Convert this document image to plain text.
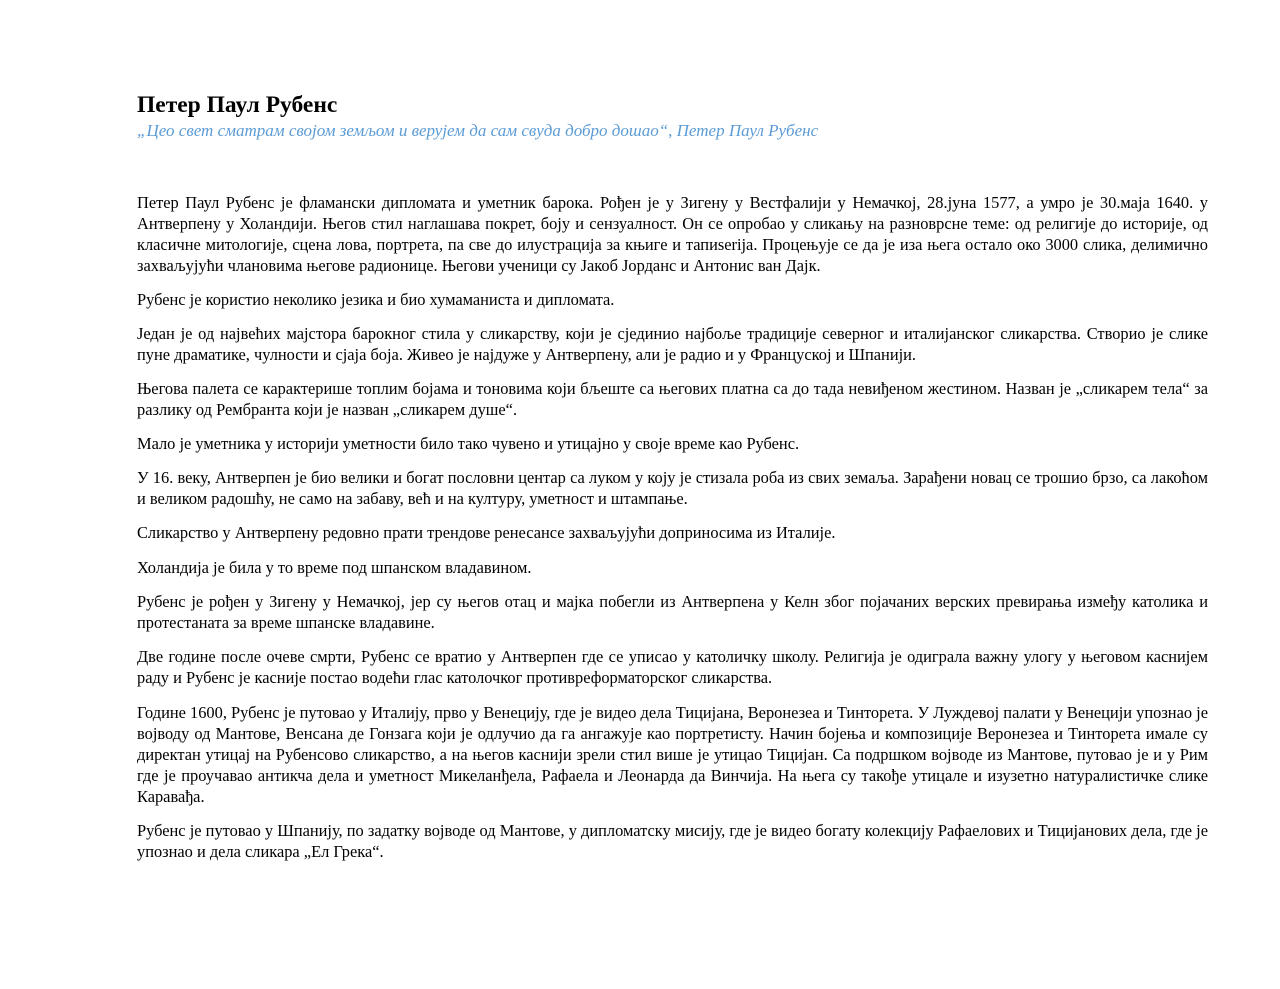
Петер Паул Рубенс

„Цео свет сматрам својом земљом и верујем да сам свуда добро дошао“, Петер Паул Рубенс

Петер Паул Рубенс је фламански дипломата и уметник барока. Рођен је у Зигену у Вестфалији у Немачкој, 28.јуна 1577, а умро је 30.маја 1640. у Антверпену у Холандији. Његов стил наглашава покрет, боју и сензуалност. Он се опробао у сликању на разноврсне теме: од религије до историје, од класичне митологије, сцена лова, портрета, па све до илустрација за књиге и тапиserija. Процењује се да је иза њега остало око 3000 слика, делимично захваљујући члановима његове радионице. Његови ученици су Јакоб Јорданс и Антонис ван Дајк.

Рубенс је користио неколико језика и био хумаманиста и дипломата.

Један је од највећих мајстора барокног стила у сликарству, који је сјединио најбоље традиције северног и италијанског сликарства. Створио је слике пуне драматике, чулности и сјаја боја. Живео је најдуже у Антверпену, али је радио и у Француској и Шпанији.

Његова палета се карактерише топлим бојама и тоновима који бљеште са његових платна са до тада невиђеном жестином. Назван је „сликарем тела“ за разлику од Рембранта који је назван „сликарем душе“.

Мало је уметника у историји уметности било тако чувено и утицајно у своје време као Рубенс.

У 16. веку, Антверпен је био велики и богат пословни центар са луком у коју је стизала роба из свих земаља. Зарађени новац се трошио брзо, са лакоћом и великом радошћу, не само на забаву, већ и на културу, уметност и штампање.

Сликарство у Антверпену редовно прати трендове ренесансе захваљујући доприносима из Италије.

Холандија је била у то време под шпанском владавином.

Рубенс је рођен у Зигену у Немачкој, јер су његов отац и мајка побегли из Антверпена у Келн због појачаних верских превирања између католика и протестаната за време шпанске владавине.

Две године после очеве смрти, Рубенс се вратио у Антверпен где се уписао у католичку школу. Религија је одиграла важну улогу у његовом каснијем раду и Рубенс је касније постао водећи глас католочког противреформаторског сликарства.

Године 1600, Рубенс је путовао у Италију, прво у Венецију, где је видео дела Тицијана, Веронезеа и Тинторета. У Луждевој палати у Венецији упознао је војводу од Мантове, Венсана де Гонзага који је одлучио да га ангажује као портретисту. Начин бојења и композиције Веронезеа и Тинторета имале су директан утицај на Рубенсово сликарство, а на његов каснији зрели стил више је утицао Тицијан. Са подршком војводе из Мантове, путовао је и у Рим где је проучавао антикча дела и уметност Микеланђела, Рафаела и Леонарда да Винчија. На њега су такође утицале и изузетно натуралистичке слике Каравађа.

Рубенс је путовао у Шпанију, по задатку војводе од Мантове, у дипломатску мисију, где је видео богату колекцију Рафаелових и Тицијанових дела, где је упознао и дела сликара „Ел Грека“.
